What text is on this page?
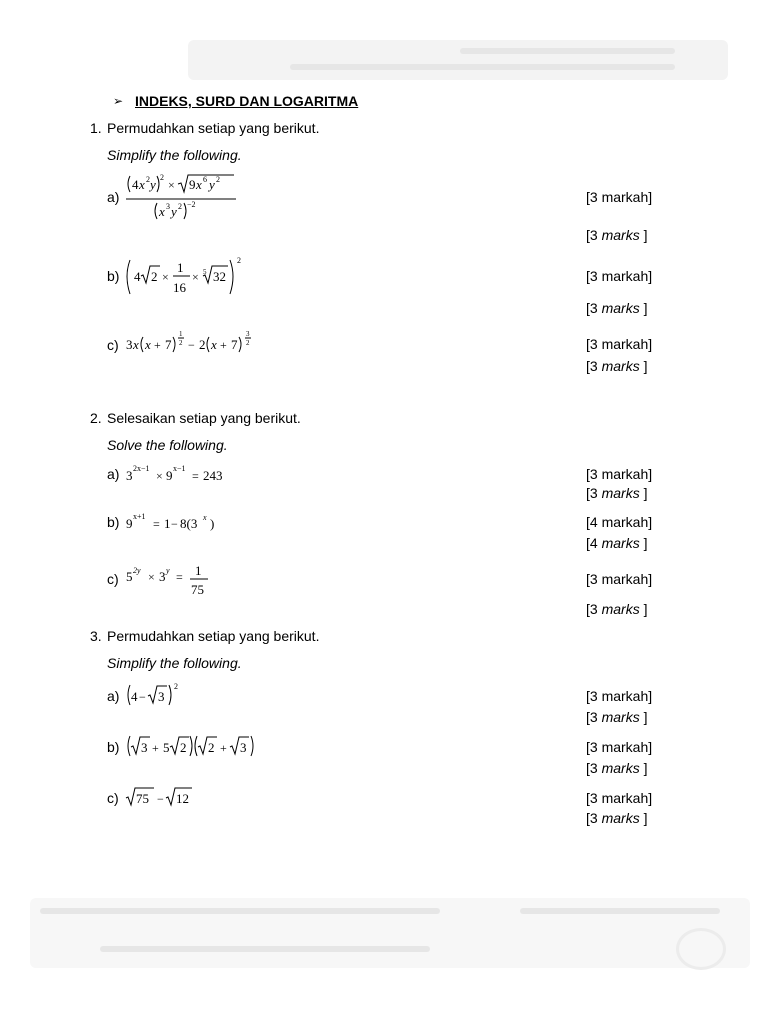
➢ INDEKS, SURD DAN LOGARITMA
1. Permudahkan setiap yang berikut.
Simplify the following.
a)
4 x 2 y 2
× 9 x 6 y 2
x 3 y 2 −2	[3 markah]
[3 marks ]
b) 4 2 ×
1
16
× 5 32
2
[3 markah]
[3 marks ]
c) 3 x x + 7
1
2 − 2 x + 7
3
2	[3 markah]
[3 marks ]
2. Selesaikan setiap yang berikut.
Solve the following.
a) 3 2x−1
× 9 x−1
= 243	[3 markah]
[3 marks ]
b) 9 x+1
= 1 − 8(3 x )	[4 markah]
[4 marks ]
c) 5 2y × 3 y = 1
75
[3 markah]
[3 marks ]
3. Permudahkan setiap yang berikut.
Simplify the following.
a) 4 − 3
2
[3 markah]
[3 marks ]
b) 3 + 5 2 2 + 3	[3 markah]
[3 marks ]
c) 75 − 12	[3 markah]
[3 marks ]
